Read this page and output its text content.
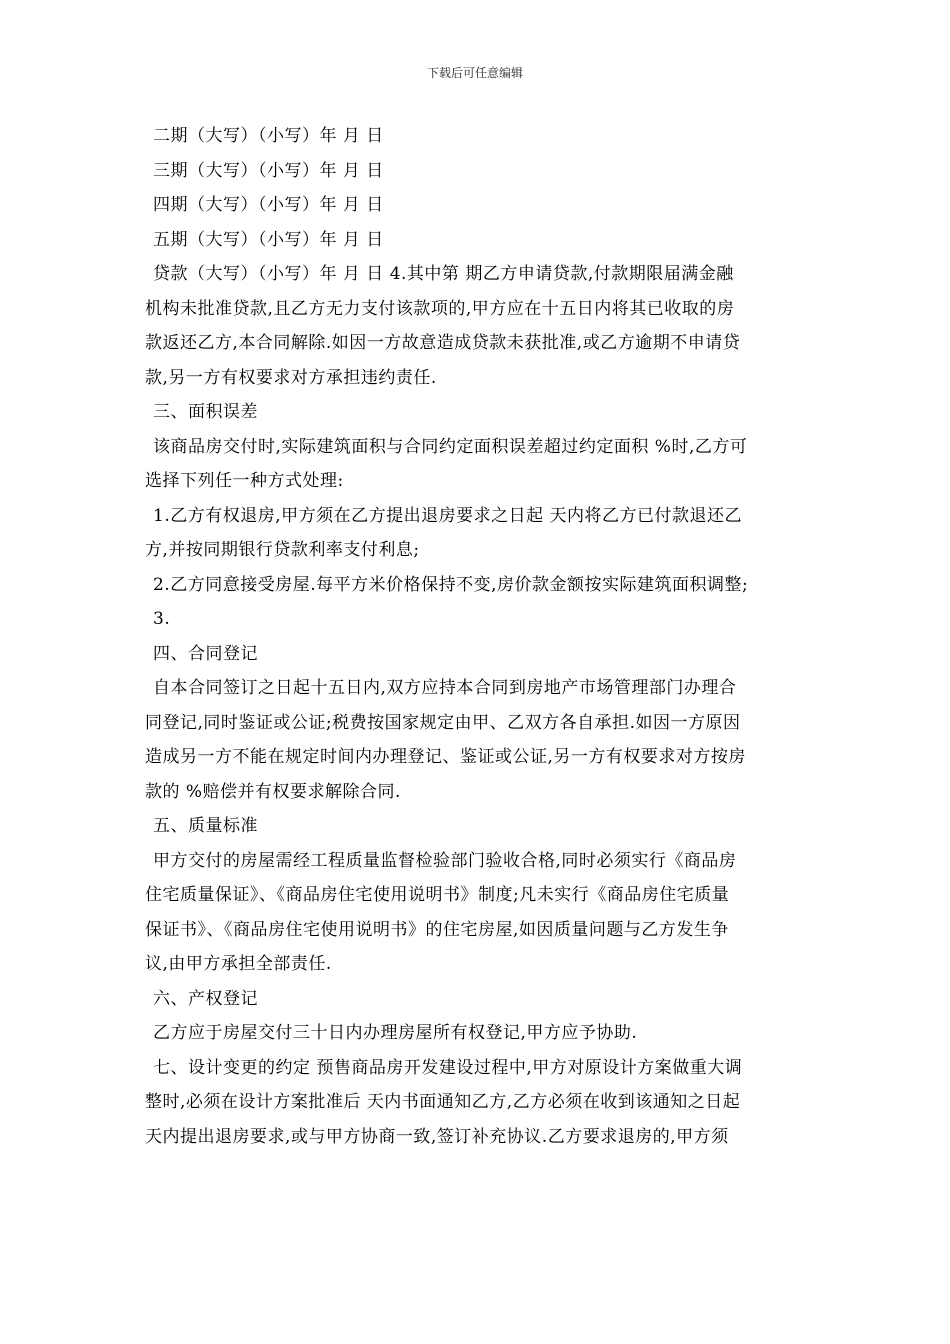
下载后可任意编辑
二期（大写）（小写）年 月 日
三期（大写）（小写）年 月 日
四期（大写）（小写）年 月 日
五期（大写）（小写）年 月 日
贷款（大写）（小写）年 月 日 4.其中第 期乙方申请贷款,付款期限届满金融
机构未批准贷款,且乙方无力支付该款项的,甲方应在十五日内将其已收取的房
款返还乙方,本合同解除.如因一方故意造成贷款未获批准,或乙方逾期不申请贷
款,另一方有权要求对方承担违约责任.
三、面积误差
该商品房交付时,实际建筑面积与合同约定面积误差超过约定面积 %时,乙方可
选择下列任一种方式处理:
1.乙方有权退房,甲方须在乙方提出退房要求之日起 天内将乙方已付款退还乙
方,并按同期银行贷款利率支付利息;
2.乙方同意接受房屋.每平方米价格保持不变,房价款金额按实际建筑面积调整;
3.
四、合同登记
自本合同签订之日起十五日内,双方应持本合同到房地产市场管理部门办理合
同登记,同时鉴证或公证;税费按国家规定由甲、乙双方各自承担.如因一方原因
造成另一方不能在规定时间内办理登记、鉴证或公证,另一方有权要求对方按房
款的 %赔偿并有权要求解除合同.
五、质量标准
甲方交付的房屋需经工程质量监督检验部门验收合格,同时必须实行《商品房
住宅质量保证》、《商品房住宅使用说明书》制度;凡未实行《商品房住宅质量
保证书》、《商品房住宅使用说明书》的住宅房屋,如因质量问题与乙方发生争
议,由甲方承担全部责任.
六、产权登记
乙方应于房屋交付三十日内办理房屋所有权登记,甲方应予协助.
七、设计变更的约定 预售商品房开发建设过程中,甲方对原设计方案做重大调
整时,必须在设计方案批准后 天内书面通知乙方,乙方必须在收到该通知之日起
天内提出退房要求,或与甲方协商一致,签订补充协议.乙方要求退房的,甲方须
